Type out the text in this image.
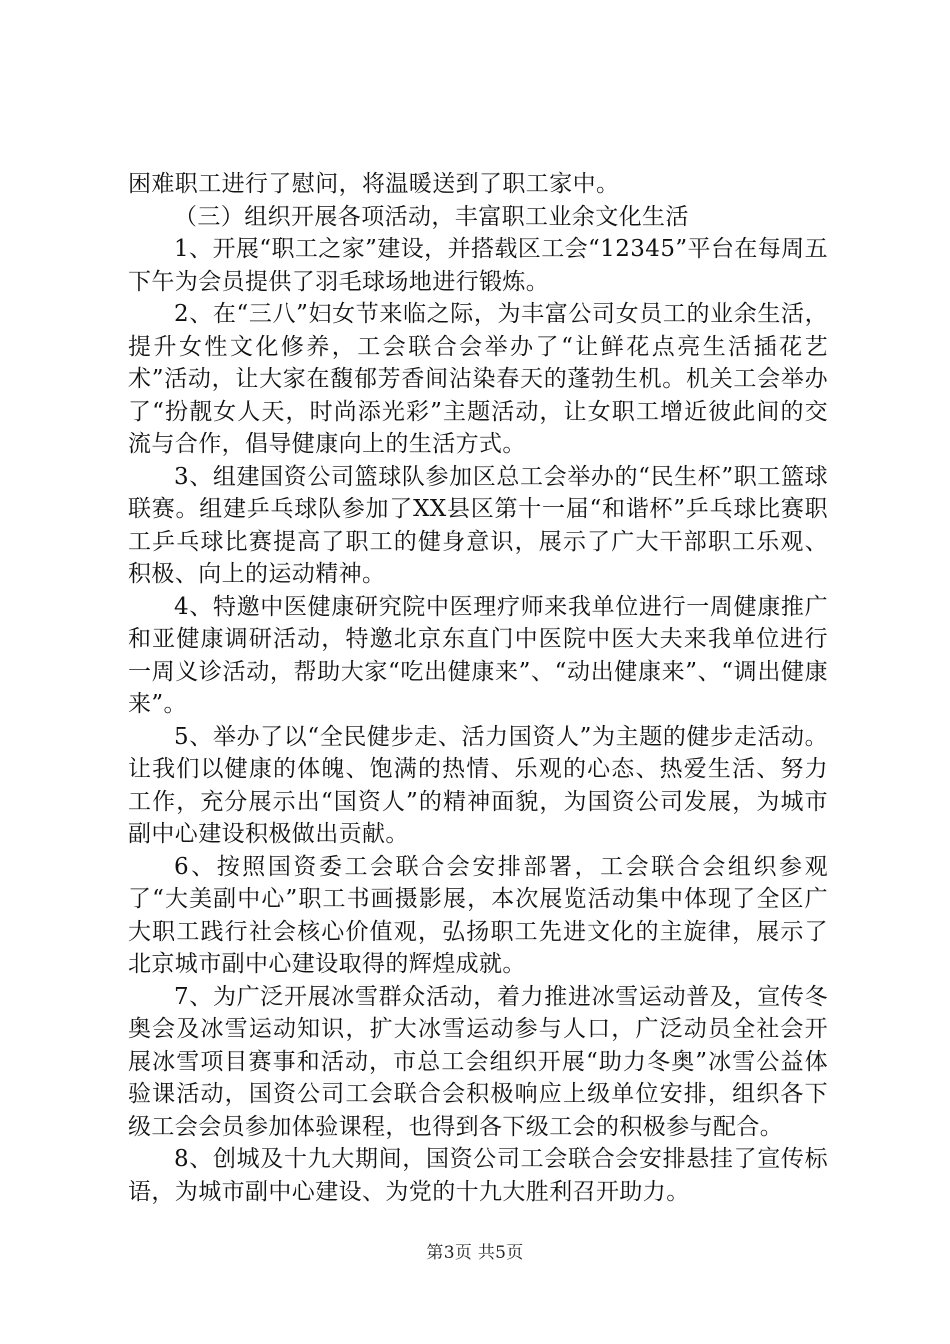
困难职工进行了慰问，将温暖送到了职工家中。

（三）组织开展各项活动，丰富职工业余文化生活

1、开展“职工之家”建设，并搭载区工会“12345”平台在每周五下午为会员提供了羽毛球场地进行锻炼。

2、在“三八”妇女节来临之际，为丰富公司女员工的业余生活，提升女性文化修养，工会联合会举办了“让鲜花点亮生活插花艺术”活动，让大家在馥郁芳香间沾染春天的蓬勃生机。机关工会举办了“扮靓女人天，时尚添光彩”主题活动，让女职工增近彼此间的交流与合作，倡导健康向上的生活方式。

3、组建国资公司篮球队参加区总工会举办的“民生杯”职工篮球联赛。组建乒乓球队参加了XX县区第十一届“和谐杯”乒乓球比赛职工乒乓球比赛提高了职工的健身意识，展示了广大干部职工乐观、积极、向上的运动精神。

4、特邀中医健康研究院中医理疗师来我单位进行一周健康推广和亚健康调研活动，特邀北京东直门中医院中医大夫来我单位进行一周义诊活动，帮助大家“吃出健康来”、“动出健康来”、“调出健康来”。

5、举办了以“全民健步走、活力国资人”为主题的健步走活动。让我们以健康的体魄、饱满的热情、乐观的心态、热爱生活、努力工作，充分展示出“国资人”的精神面貌，为国资公司发展，为城市副中心建设积极做出贡献。

6、按照国资委工会联合会安排部署，工会联合会组织参观了“大美副中心”职工书画摄影展，本次展览活动集中体现了全区广大职工践行社会核心价值观，弘扬职工先进文化的主旋律，展示了北京城市副中心建设取得的辉煌成就。

7、为广泛开展冰雪群众活动，着力推进冰雪运动普及，宣传冬奥会及冰雪运动知识，扩大冰雪运动参与人口，广泛动员全社会开展冰雪项目赛事和活动，市总工会组织开展“助力冬奥”冰雪公益体验课活动，国资公司工会联合会积极响应上级单位安排，组织各下级工会会员参加体验课程，也得到各下级工会的积极参与配合。

8、创城及十九大期间，国资公司工会联合会安排悬挂了宣传标语，为城市副中心建设、为党的十九大胜利召开助力。

第3页 共5页
